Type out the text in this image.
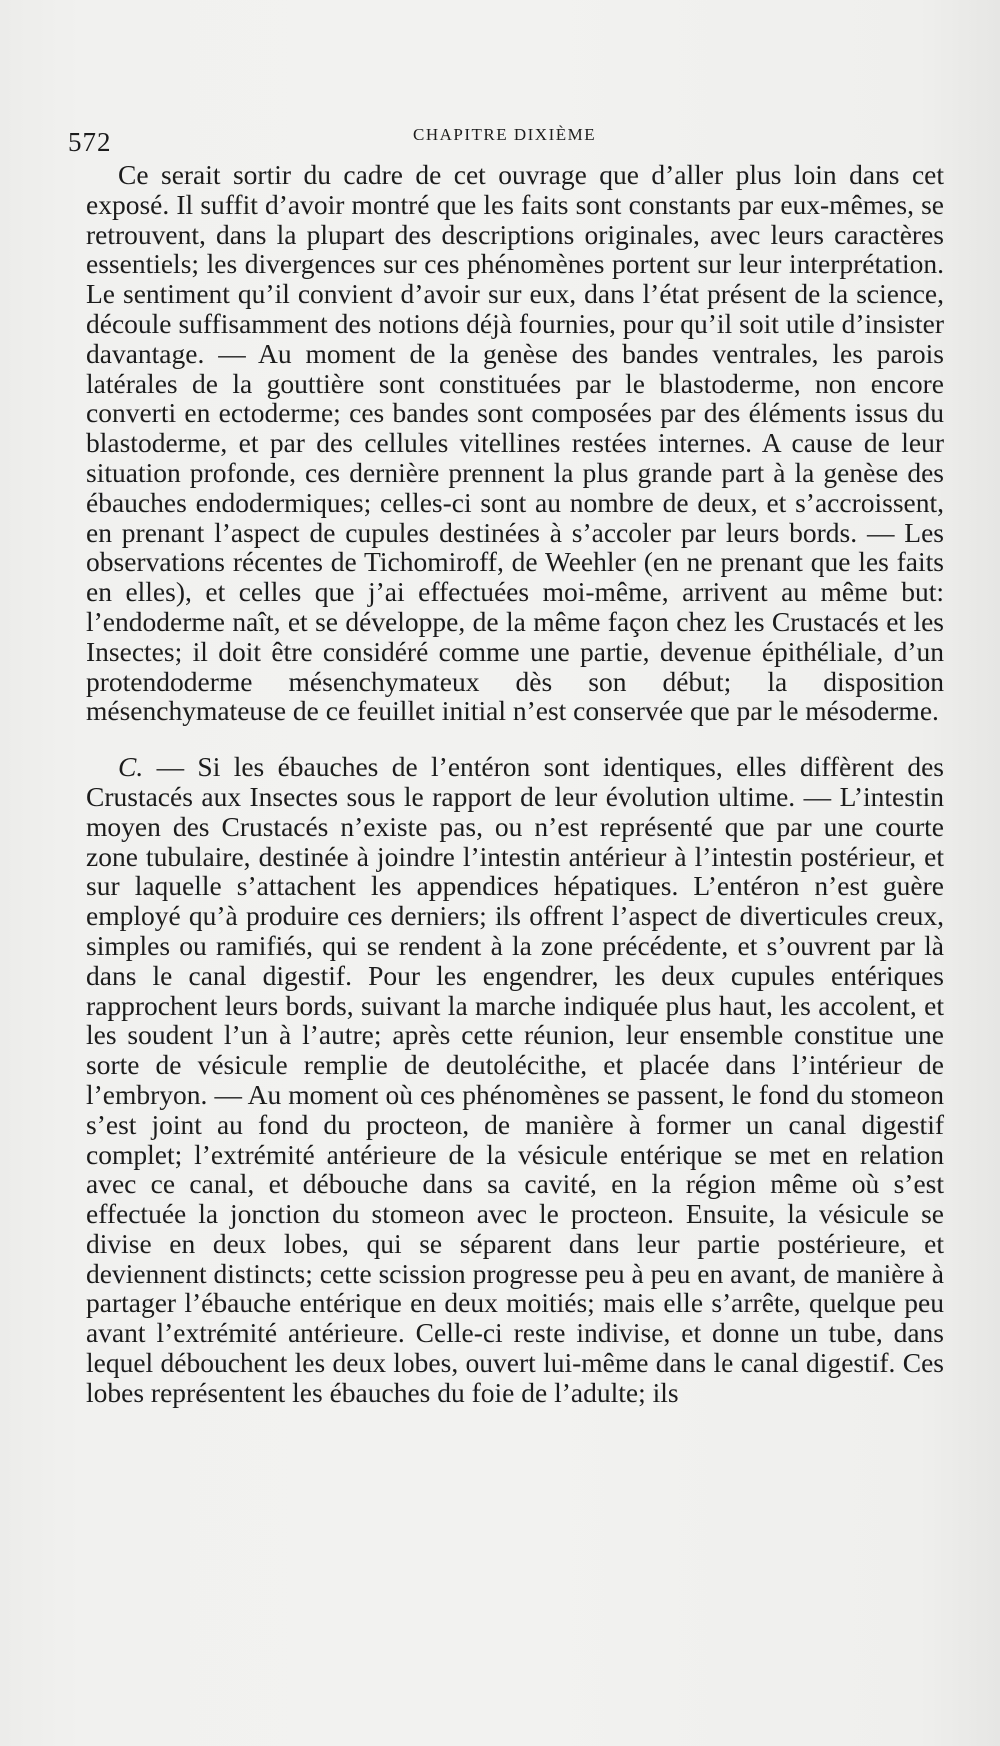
572	CHAPITRE DIXIÈME

Ce serait sortir du cadre de cet ouvrage que d’aller plus loin dans cet exposé. Il suffit d’avoir montré que les faits sont constants par eux-mêmes, se retrouvent, dans la plupart des descriptions originales, avec leurs caractères essentiels; les divergences sur ces phénomènes portent sur leur interprétation. Le sentiment qu’il convient d’avoir sur eux, dans l’état présent de la science, découle suffisamment des notions déjà fournies, pour qu’il soit utile d’insister davantage. — Au moment de la genèse des bandes ventrales, les parois latérales de la gouttière sont constituées par le blastoderme, non encore converti en ectoderme; ces bandes sont composées par des éléments issus du blastoderme, et par des cellules vitellines restées internes. A cause de leur situation profonde, ces dernière prennent la plus grande part à la genèse des ébauches endodermiques; celles-ci sont au nombre de deux, et s’accroissent, en prenant l’aspect de cupules destinées à s’accoler par leurs bords. — Les observations récentes de Tichomiroff, de Weehler (en ne prenant que les faits en elles), et celles que j’ai effectuées moi-même, arrivent au même but: l’endoderme naît, et se développe, de la même façon chez les Crustacés et les Insectes; il doit être considéré comme une partie, devenue épithéliale, d’un protendoderme mésenchymateux dès son début; la disposition mésenchymateuse de ce feuillet initial n’est conservée que par le mésoderme.

C. — Si les ébauches de l’entéron sont identiques, elles diffèrent des Crustacés aux Insectes sous le rapport de leur évolution ultime. — L’intestin moyen des Crustacés n’existe pas, ou n’est représenté que par une courte zone tubulaire, destinée à joindre l’intestin antérieur à l’intestin postérieur, et sur laquelle s’attachent les appendices hépatiques. L’entéron n’est guère employé qu’à produire ces derniers; ils offrent l’aspect de diverticules creux, simples ou ramifiés, qui se rendent à la zone précédente, et s’ouvrent par là dans le canal digestif. Pour les engendrer, les deux cupules entériques rapprochent leurs bords, suivant la marche indiquée plus haut, les accolent, et les soudent l’un à l’autre; après cette réunion, leur ensemble constitue une sorte de vésicule remplie de deutolécithe, et placée dans l’intérieur de l’embryon. — Au moment où ces phénomènes se passent, le fond du stomeon s’est joint au fond du procteon, de manière à former un canal digestif complet; l’extrémité antérieure de la vésicule entérique se met en relation avec ce canal, et débouche dans sa cavité, en la région même où s’est effectuée la jonction du stomeon avec le procteon. Ensuite, la vésicule se divise en deux lobes, qui se séparent dans leur partie postérieure, et deviennent distincts; cette scission progresse peu à peu en avant, de manière à partager l’ébauche entérique en deux moitiés; mais elle s’arrête, quelque peu avant l’extrémité antérieure. Celle-ci reste indivise, et donne un tube, dans lequel débouchent les deux lobes, ouvert lui-même dans le canal digestif. Ces lobes représentent les ébauches du foie de l’adulte; ils
